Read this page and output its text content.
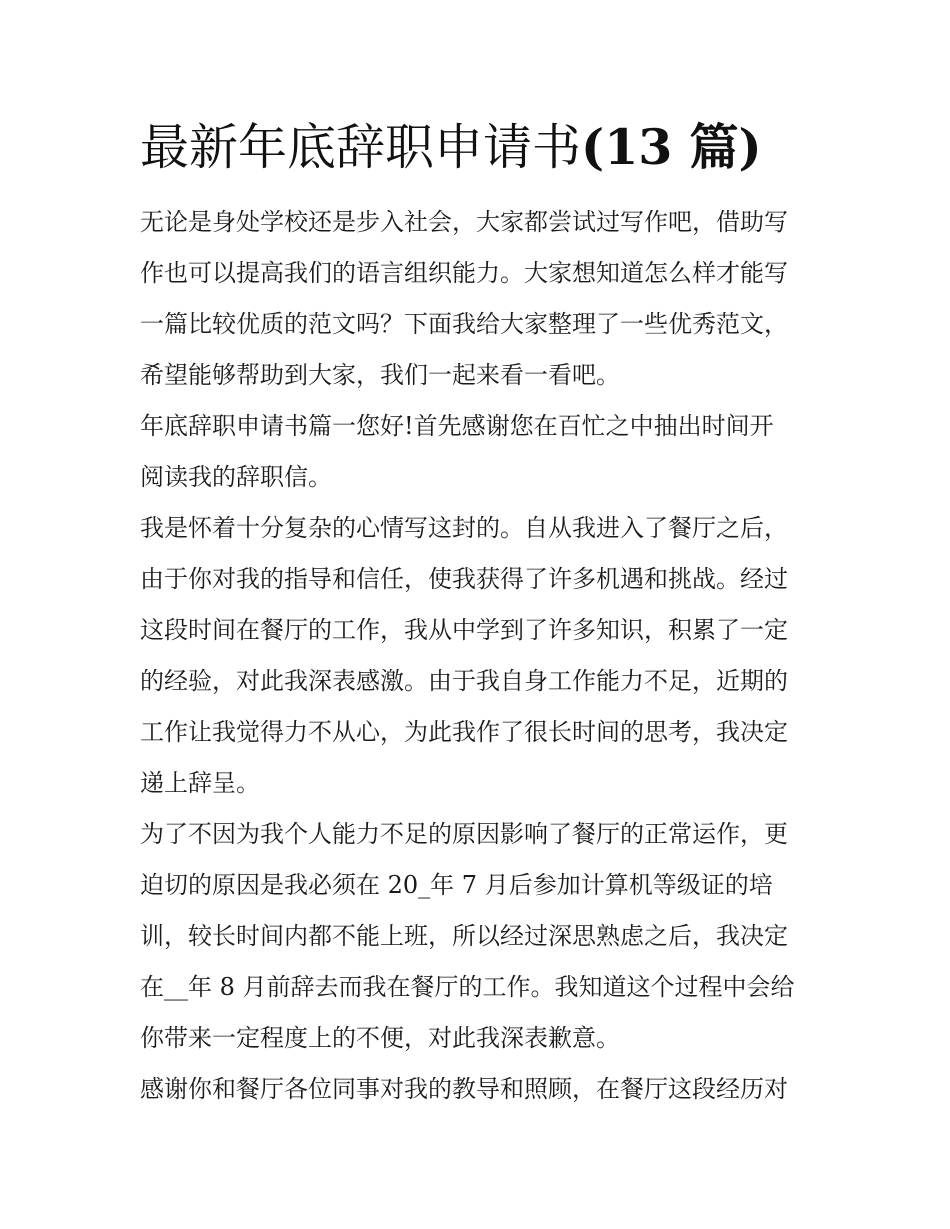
最新年底辞职申请书(13 篇)
无论是身处学校还是步入社会，大家都尝试过写作吧，借助写
作也可以提高我们的语言组织能力。大家想知道怎么样才能写
一篇比较优质的范文吗？下面我给大家整理了一些优秀范文，
希望能够帮助到大家，我们一起来看一看吧。
年底辞职申请书篇一您好!首先感谢您在百忙之中抽出时间开
阅读我的辞职信。
我是怀着十分复杂的心情写这封的。自从我进入了餐厅之后，
由于你对我的指导和信任，使我获得了许多机遇和挑战。经过
这段时间在餐厅的工作，我从中学到了许多知识，积累了一定
的经验，对此我深表感激。由于我自身工作能力不足，近期的
工作让我觉得力不从心，为此我作了很长时间的思考，我决定
递上辞呈。
为了不因为我个人能力不足的原因影响了餐厅的正常运作，更
迫切的原因是我必须在 20_年 7 月后参加计算机等级证的培
训，较长时间内都不能上班，所以经过深思熟虑之后，我决定
在__年 8 月前辞去而我在餐厅的工作。我知道这个过程中会给
你带来一定程度上的不便，对此我深表歉意。
感谢你和餐厅各位同事对我的教导和照顾，在餐厅这段经历对
